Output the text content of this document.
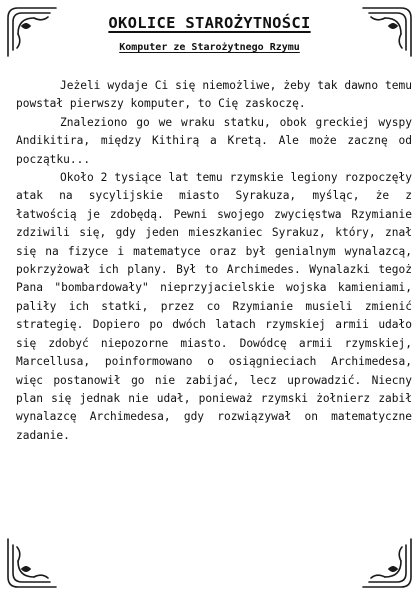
OKOLICE STAROŻYTNOŚCI
Komputer ze Starożytnego Rzymu

Jeżeli wydaje Ci się niemożliwe, żeby tak dawno temu powstał pierwszy komputer, to Cię zaskoczę.

Znaleziono go we wraku statku, obok greckiej wyspy Andikitira, między Kithirą a Kretą. Ale może zacznę od początku...

Około 2 tysiące lat temu rzymskie legiony rozpoczęły atak na sycylijskie miasto Syrakuza, myśląc, że z łatwością je zdobędą. Pewni swojego zwycięstwa Rzymianie zdziwili się, gdy jeden mieszkaniec Syrakuz, który, znał się na fizyce i matematyce oraz był genialnym wynalazcą, pokrzyżował ich plany. Był to Archimedes. Wynalazki tegoż Pana "bombardowały" nieprzyjacielskie wojska kamieniami, paliły ich statki, przez co Rzymianie musieli zmienić strategię. Dopiero po dwóch latach rzymskiej armii udało się zdobyć niepozorne miasto. Dowódcę armii rzymskiej, Marcellusa, poinformowano o osiągnieciach Archimedesa, więc postanowił go nie zabijać, lecz uprowadzić. Niecny plan się jednak nie udał, ponieważ rzymski żołnierz zabił wynalazcę Archimedesa, gdy rozwiązywał on matematyczne zadanie.
